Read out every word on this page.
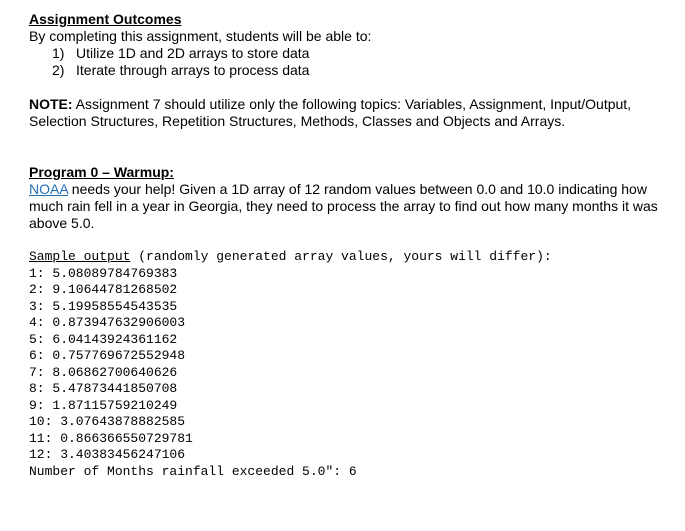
Assignment Outcomes
By completing this assignment, students will be able to:
1) Utilize 1D and 2D arrays to store data
2) Iterate through arrays to process data
NOTE: Assignment 7 should utilize only the following topics: Variables, Assignment, Input/Output, Selection Structures, Repetition Structures, Methods, Classes and Objects and Arrays.
Program 0 – Warmup:
NOAA needs your help! Given a 1D array of 12 random values between 0.0 and 10.0 indicating how much rain fell in a year in Georgia, they need to process the array to find out how many months it was above 5.0.
Sample output (randomly generated array values, yours will differ):
1: 5.08089784769383
2: 9.10644781268502
3: 5.19958554543535
4: 0.873947632906003
5: 6.04143924361162
6: 0.757769672552948
7: 8.06862700640626
8: 5.47873441850708
9: 1.87115759210249
10: 3.07643878882585
11: 0.866366550729781
12: 3.40383456247106
Number of Months rainfall exceeded 5.0": 6
